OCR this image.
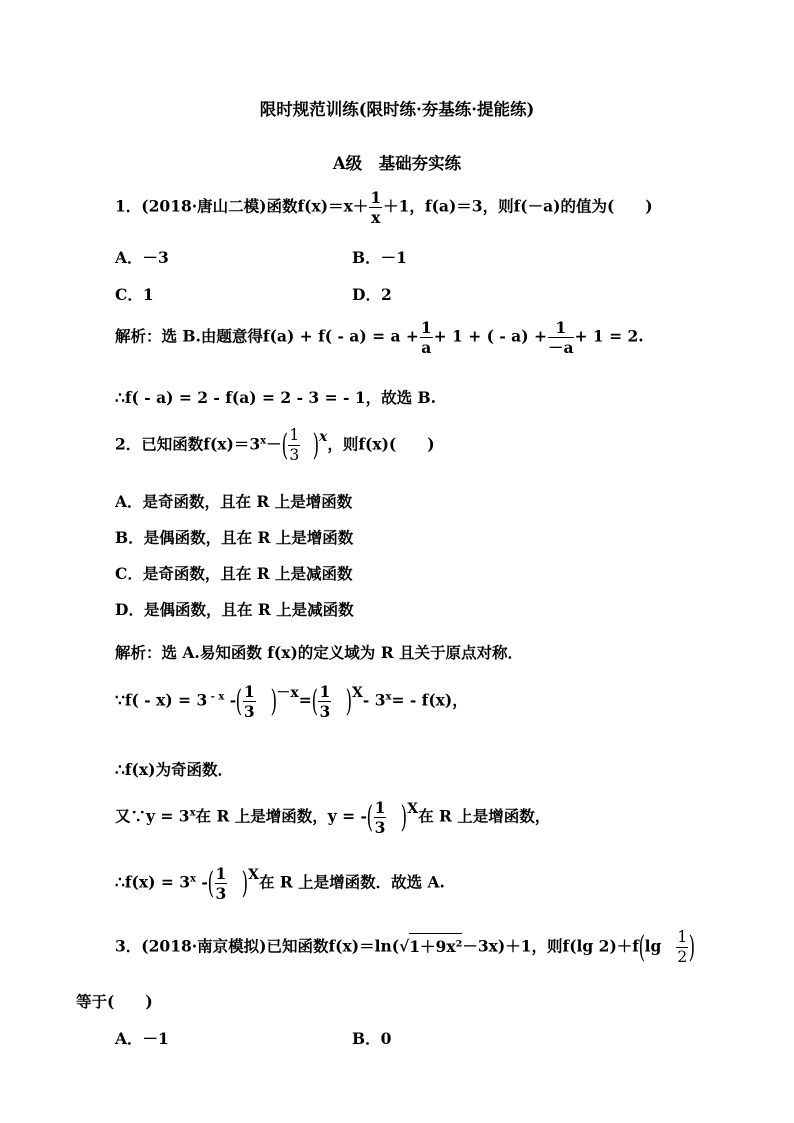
限时规范训练(限时练·夯基练·提能练)
A级　基础夯实练
1．(2018·唐山二模)函数$f(x)=x+ \frac{1}{x} +1$，f(a)＝3，则f(－a)的值为(　　)
A．－3	B．－1
C．1	D．2
解析：选 B.由题意得$f(a) + f( - a) = a + \frac{1}{a} + 1$ + ( - $a) + \frac{1}{-a} + 1 = 2$.
∴f( - a) = 2 - f(a) = 2 - 3 = - 1，故选 B.
2．已知函数$f(x)=3^x-( \frac{1}{3} )^x$，则f(x)(　　)
A．是奇函数，且在 R 上是增函数
B．是偶函数，且在 R 上是增函数
C．是奇函数，且在 R 上是减函数
D．是偶函数，且在 R 上是减函数
解析：选 A.易知函数 f(x)的定义域为 R 且关于原点对称．
∵f( - x) = 3 $^{- x}$ -( $\frac{1}{3} )^{-x}=( \frac{1}{3} )^X-$ $3^x= - f(x)$，
∴f(x)为奇函数．
又∵y = $3^x$在 R 上是增函数，y = -( $\frac{1}{3} )^X$在 R 上是增函数，
∴f(x) = $3^x$ -( $\frac{1}{3} )^X$在 R 上是增函数．故选 A.
3．(2018·南京模拟)已知函数f(x)＝ln(√1＋9x²－3x)＋1，则f(lg $2)+f(\lg \frac{1}{2}$ )
等于(　　)
A．－1	B．0
